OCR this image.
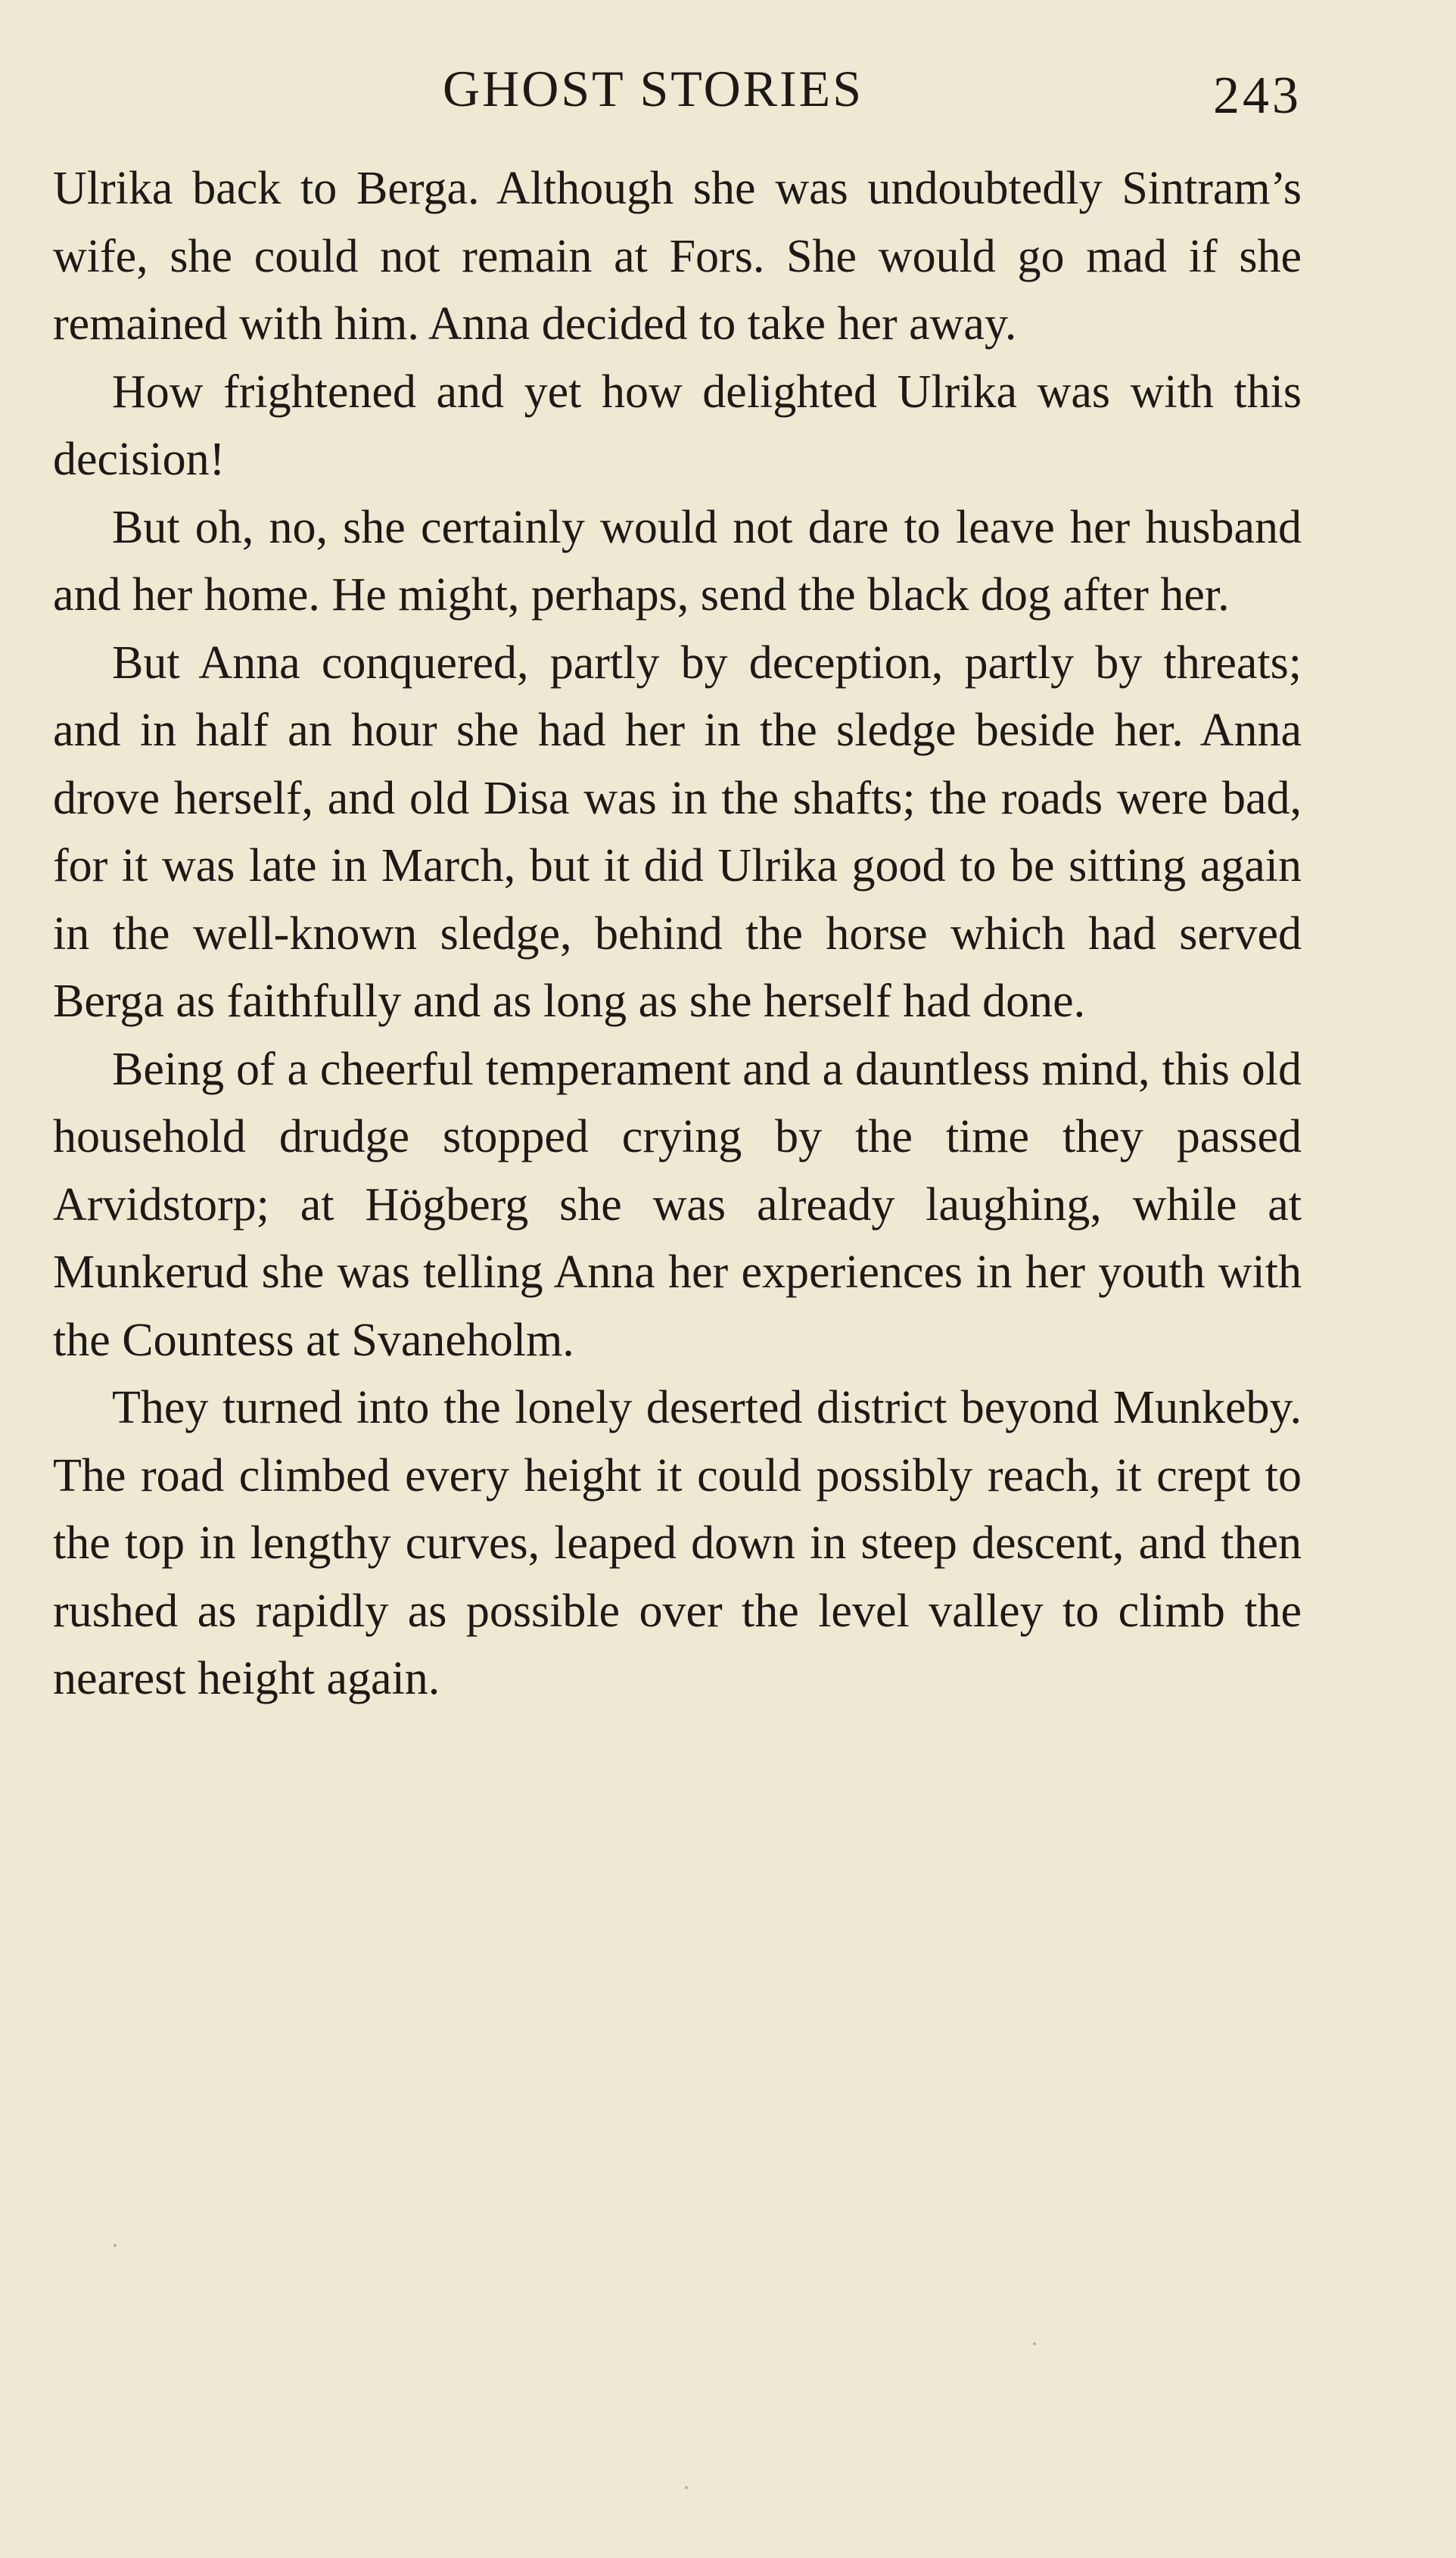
GHOST STORIES	243

Ulrika back to Berga. Although she was undoubtedly Sintram’s wife, she could not remain at Fors. She would go mad if she remained with him. Anna decided to take her away.

How frightened and yet how delighted Ulrika was with this decision!

But oh, no, she certainly would not dare to leave her husband and her home. He might, perhaps, send the black dog after her.

But Anna conquered, partly by deception, partly by threats; and in half an hour she had her in the sledge beside her. Anna drove herself, and old Disa was in the shafts; the roads were bad, for it was late in March, but it did Ulrika good to be sitting again in the well-known sledge, behind the horse which had served Berga as faithfully and as long as she herself had done.

Being of a cheerful temperament and a dauntless mind, this old household drudge stopped crying by the time they passed Arvidstorp; at Högberg she was already laughing, while at Munkerud she was telling Anna her experiences in her youth with the Countess at Svaneholm.

They turned into the lonely deserted district beyond Munkeby. The road climbed every height it could possibly reach, it crept to the top in lengthy curves, leaped down in steep descent, and then rushed as rapidly as possible over the level valley to climb the nearest height again.
